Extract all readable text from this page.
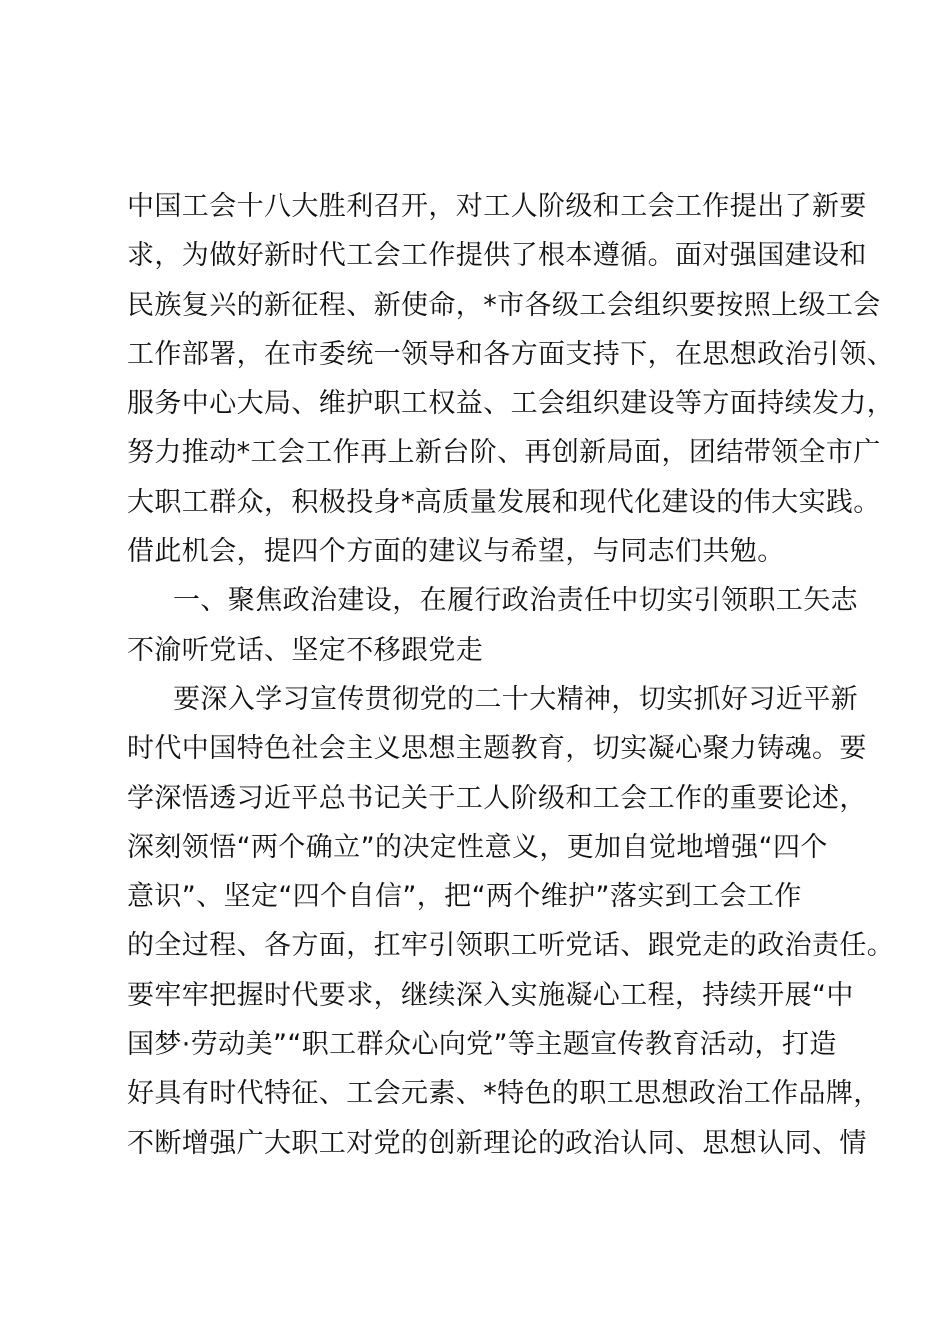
中国工会十八大胜利召开，对工人阶级和工会工作提出了新要
求，为做好新时代工会工作提供了根本遵循。面对强国建设和
民族复兴的新征程、新使命，*市各级工会组织要按照上级工会
工作部署，在市委统一领导和各方面支持下，在思想政治引领、
服务中心大局、维护职工权益、工会组织建设等方面持续发力，
努力推动*工会工作再上新台阶、再创新局面，团结带领全市广
大职工群众，积极投身*高质量发展和现代化建设的伟大实践。
借此机会，提四个方面的建议与希望，与同志们共勉。
一、聚焦政治建设，在履行政治责任中切实引领职工矢志
不渝听党话、坚定不移跟党走
要深入学习宣传贯彻党的二十大精神，切实抓好习近平新
时代中国特色社会主义思想主题教育，切实凝心聚力铸魂。要
学深悟透习近平总书记关于工人阶级和工会工作的重要论述，
深刻领悟“两个确立”的决定性意义，更加自觉地增强“四个
意识”、坚定“四个自信”，把“两个维护”落实到工会工作
的全过程、各方面，扛牢引领职工听党话、跟党走的政治责任。
要牢牢把握时代要求，继续深入实施凝心工程，持续开展“中
国梦·劳动美”“职工群众心向党”等主题宣传教育活动，打造
好具有时代特征、工会元素、*特色的职工思想政治工作品牌，
不断增强广大职工对党的创新理论的政治认同、思想认同、情
